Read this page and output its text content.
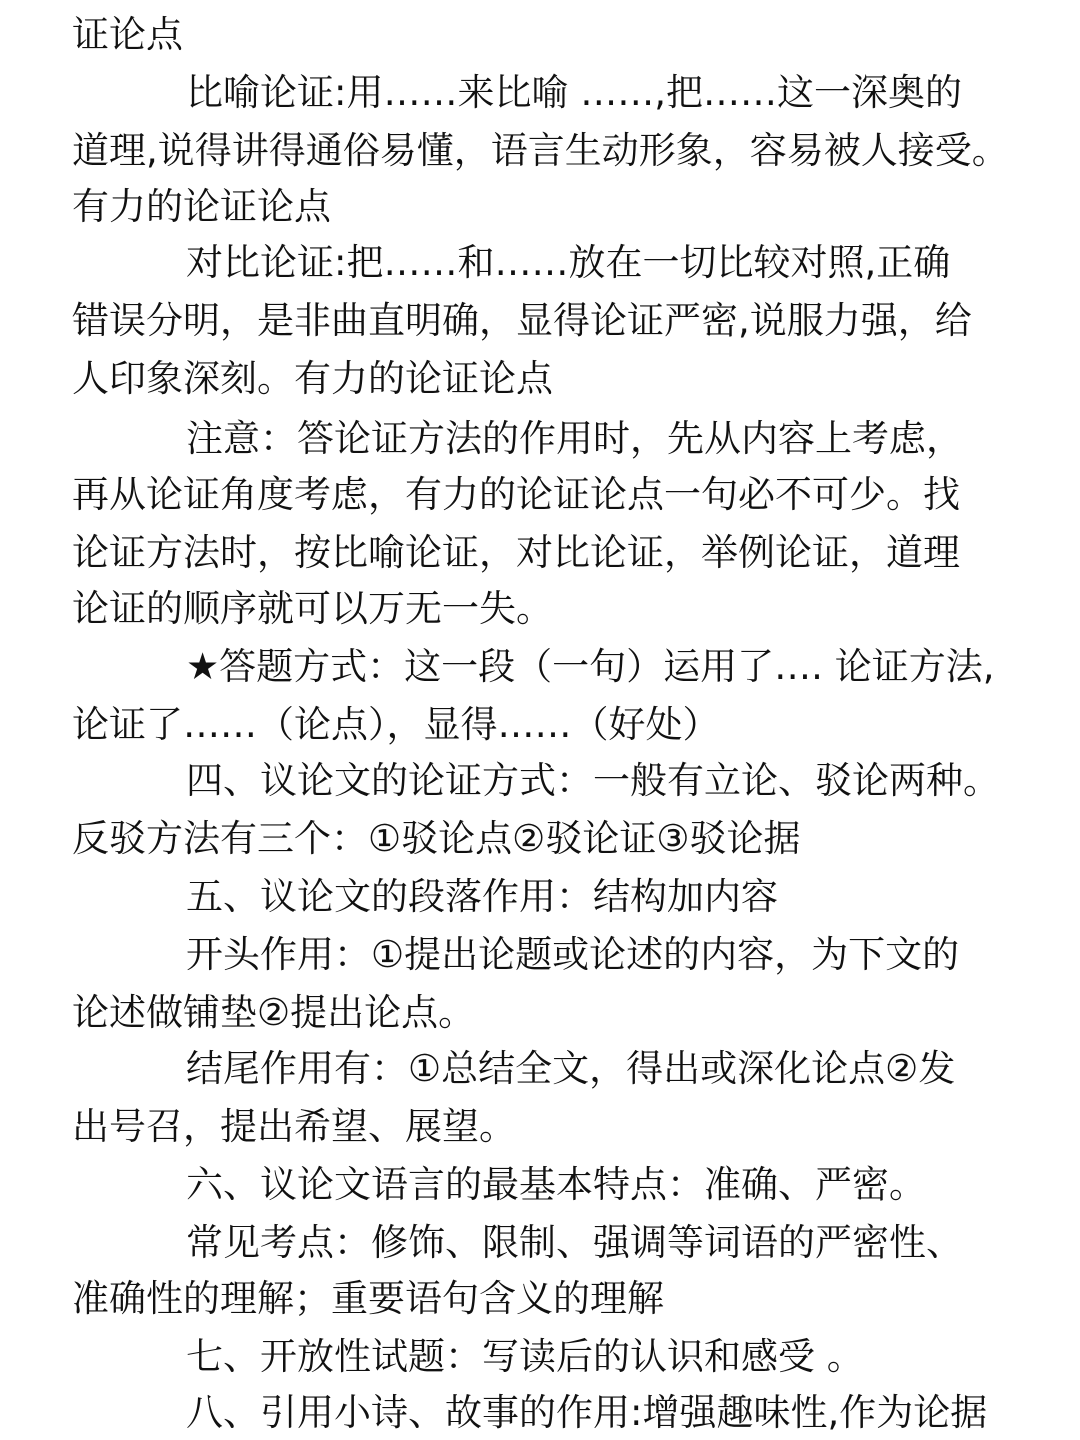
证论点
比喻论证:用……来比喻 ……,把……这一深奥的
道理,说得讲得通俗易懂，语言生动形象，容易被人接受。
有力的论证论点
对比论证:把……和……放在一切比较对照,正确
错误分明，是非曲直明确，显得论证严密,说服力强，给
人印象深刻。有力的论证论点
注意：答论证方法的作用时，先从内容上考虑，
再从论证角度考虑，有力的论证论点一句必不可少。找
论证方法时，按比喻论证，对比论证，举例论证，道理
论证的顺序就可以万无一失。
★答题方式：这一段（一句）运用了…. 论证方法,
论证了……（论点），显得……（好处）
四、议论文的论证方式：一般有立论、驳论两种。
反驳方法有三个：①驳论点②驳论证③驳论据
五、议论文的段落作用：结构加内容
开头作用：①提出论题或论述的内容，为下文的
论述做铺垫②提出论点。
结尾作用有：①总结全文，得出或深化论点②发
出号召，提出希望、展望。
六、议论文语言的最基本特点：准确、严密。
常见考点：修饰、限制、强调等词语的严密性、
准确性的理解；重要语句含义的理解
七、开放性试题：写读后的认识和感受 。
八、引用小诗、故事的作用:增强趣味性,作为论据
